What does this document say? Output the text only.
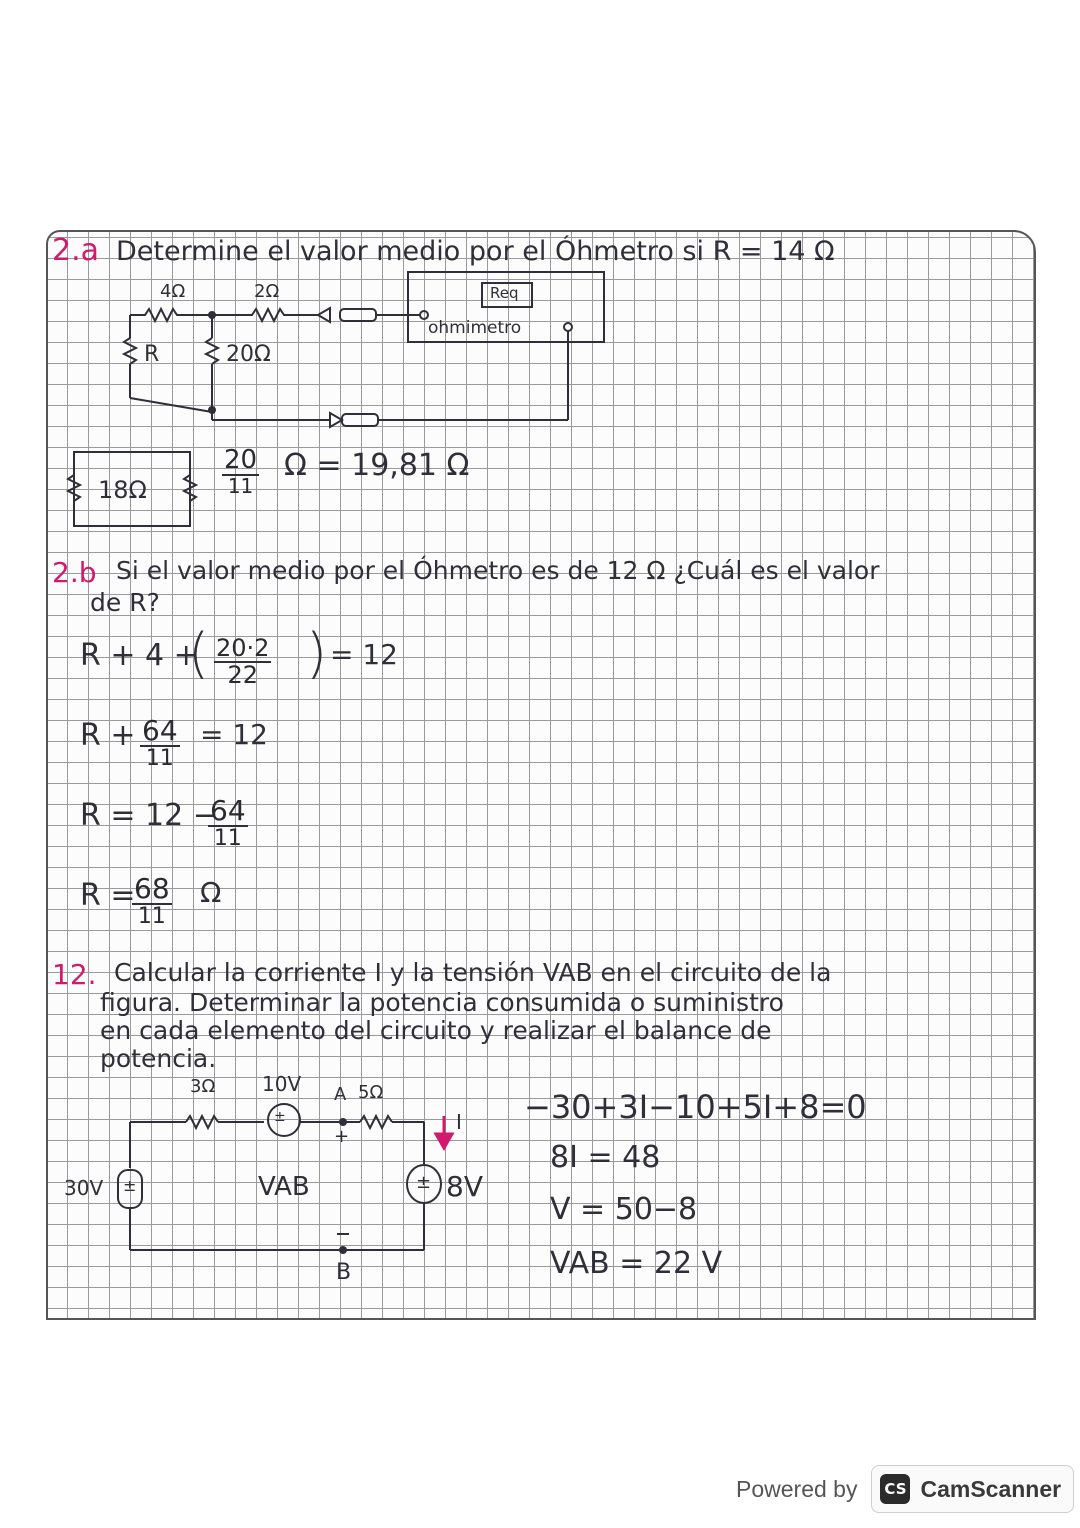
2.a Determine el valor medio por el Óhmetro si R = 14 Ω
4Ω	2Ω
R	20Ω
Req
ohmimetro
18Ω
20
11
Ω = 19,81 Ω
2.b Si el valor medio por el Óhmetro es de 12 Ω ¿Cuál es el valor
de R?
R + 4 +
( $\frac{20\cdot 2}{22}$ ) = 12
R + 64
11
= 12
R = 12 −
64
11
R =
68
11
Ω
12. Calcular la corriente I y la tensión VAB en el circuito de la
figura. Determinar la potencia consumida o suministro
en cada elemento del circuito y realizar el balance de
potencia.
3Ω 10V
±
A 5Ω
+
I
30V ±	VAB	± 8V
B
−30+3I−10+5I+8=0
8I = 48
V = 50−8
VAB = 22 V
Powered by CS CamScanner
